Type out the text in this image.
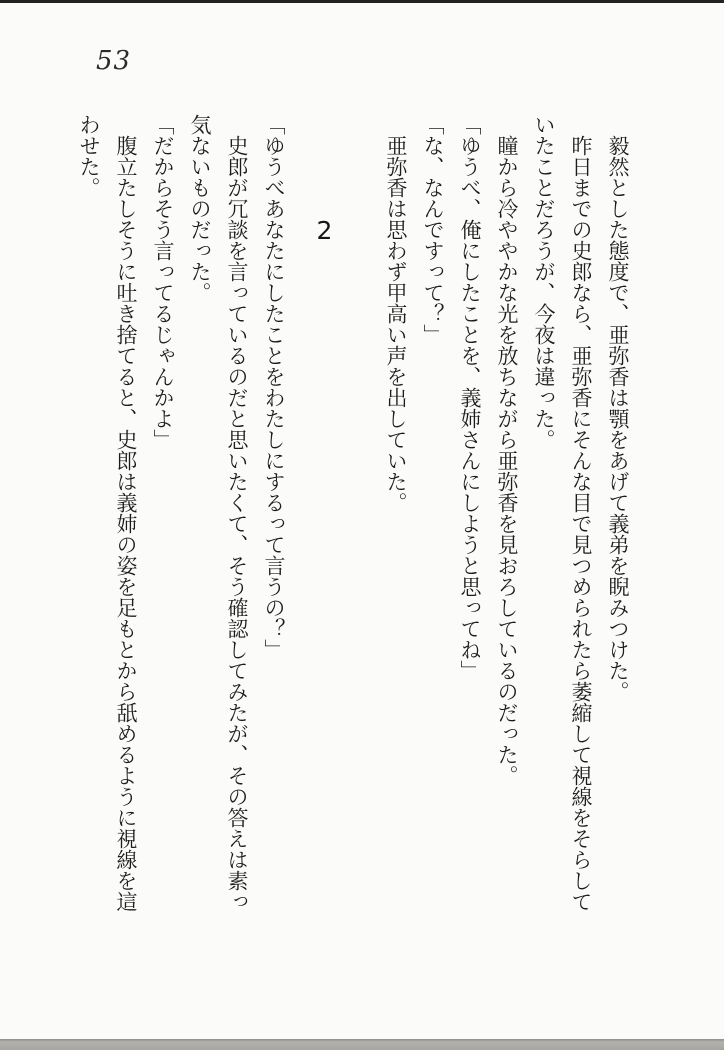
53
毅然とした態度で、亜弥香は顎をあげて義弟を睨みつけた。
昨日までの史郎なら、亜弥香にそんな目で見つめられたら萎縮して視線をそらして
いたことだろうが、今夜は違った。
瞳から冷ややかな光を放ちながら亜弥香を見おろしているのだった。
「ゆうべ、俺にしたことを、義姉さんにしようと思ってね」
「な、なんですって？」
亜弥香は思わず甲高い声を出していた。
2
「ゆうべあなたにしたことをわたしにするって言うの？」
史郎が冗談を言っているのだと思いたくて、そう確認してみたが、その答えは素っ
気ないものだった。
「だからそう言ってるじゃんかよ」
腹立たしそうに吐き捨てると、史郎は義姉の姿を足もとから舐めるように視線を這
わせた。
